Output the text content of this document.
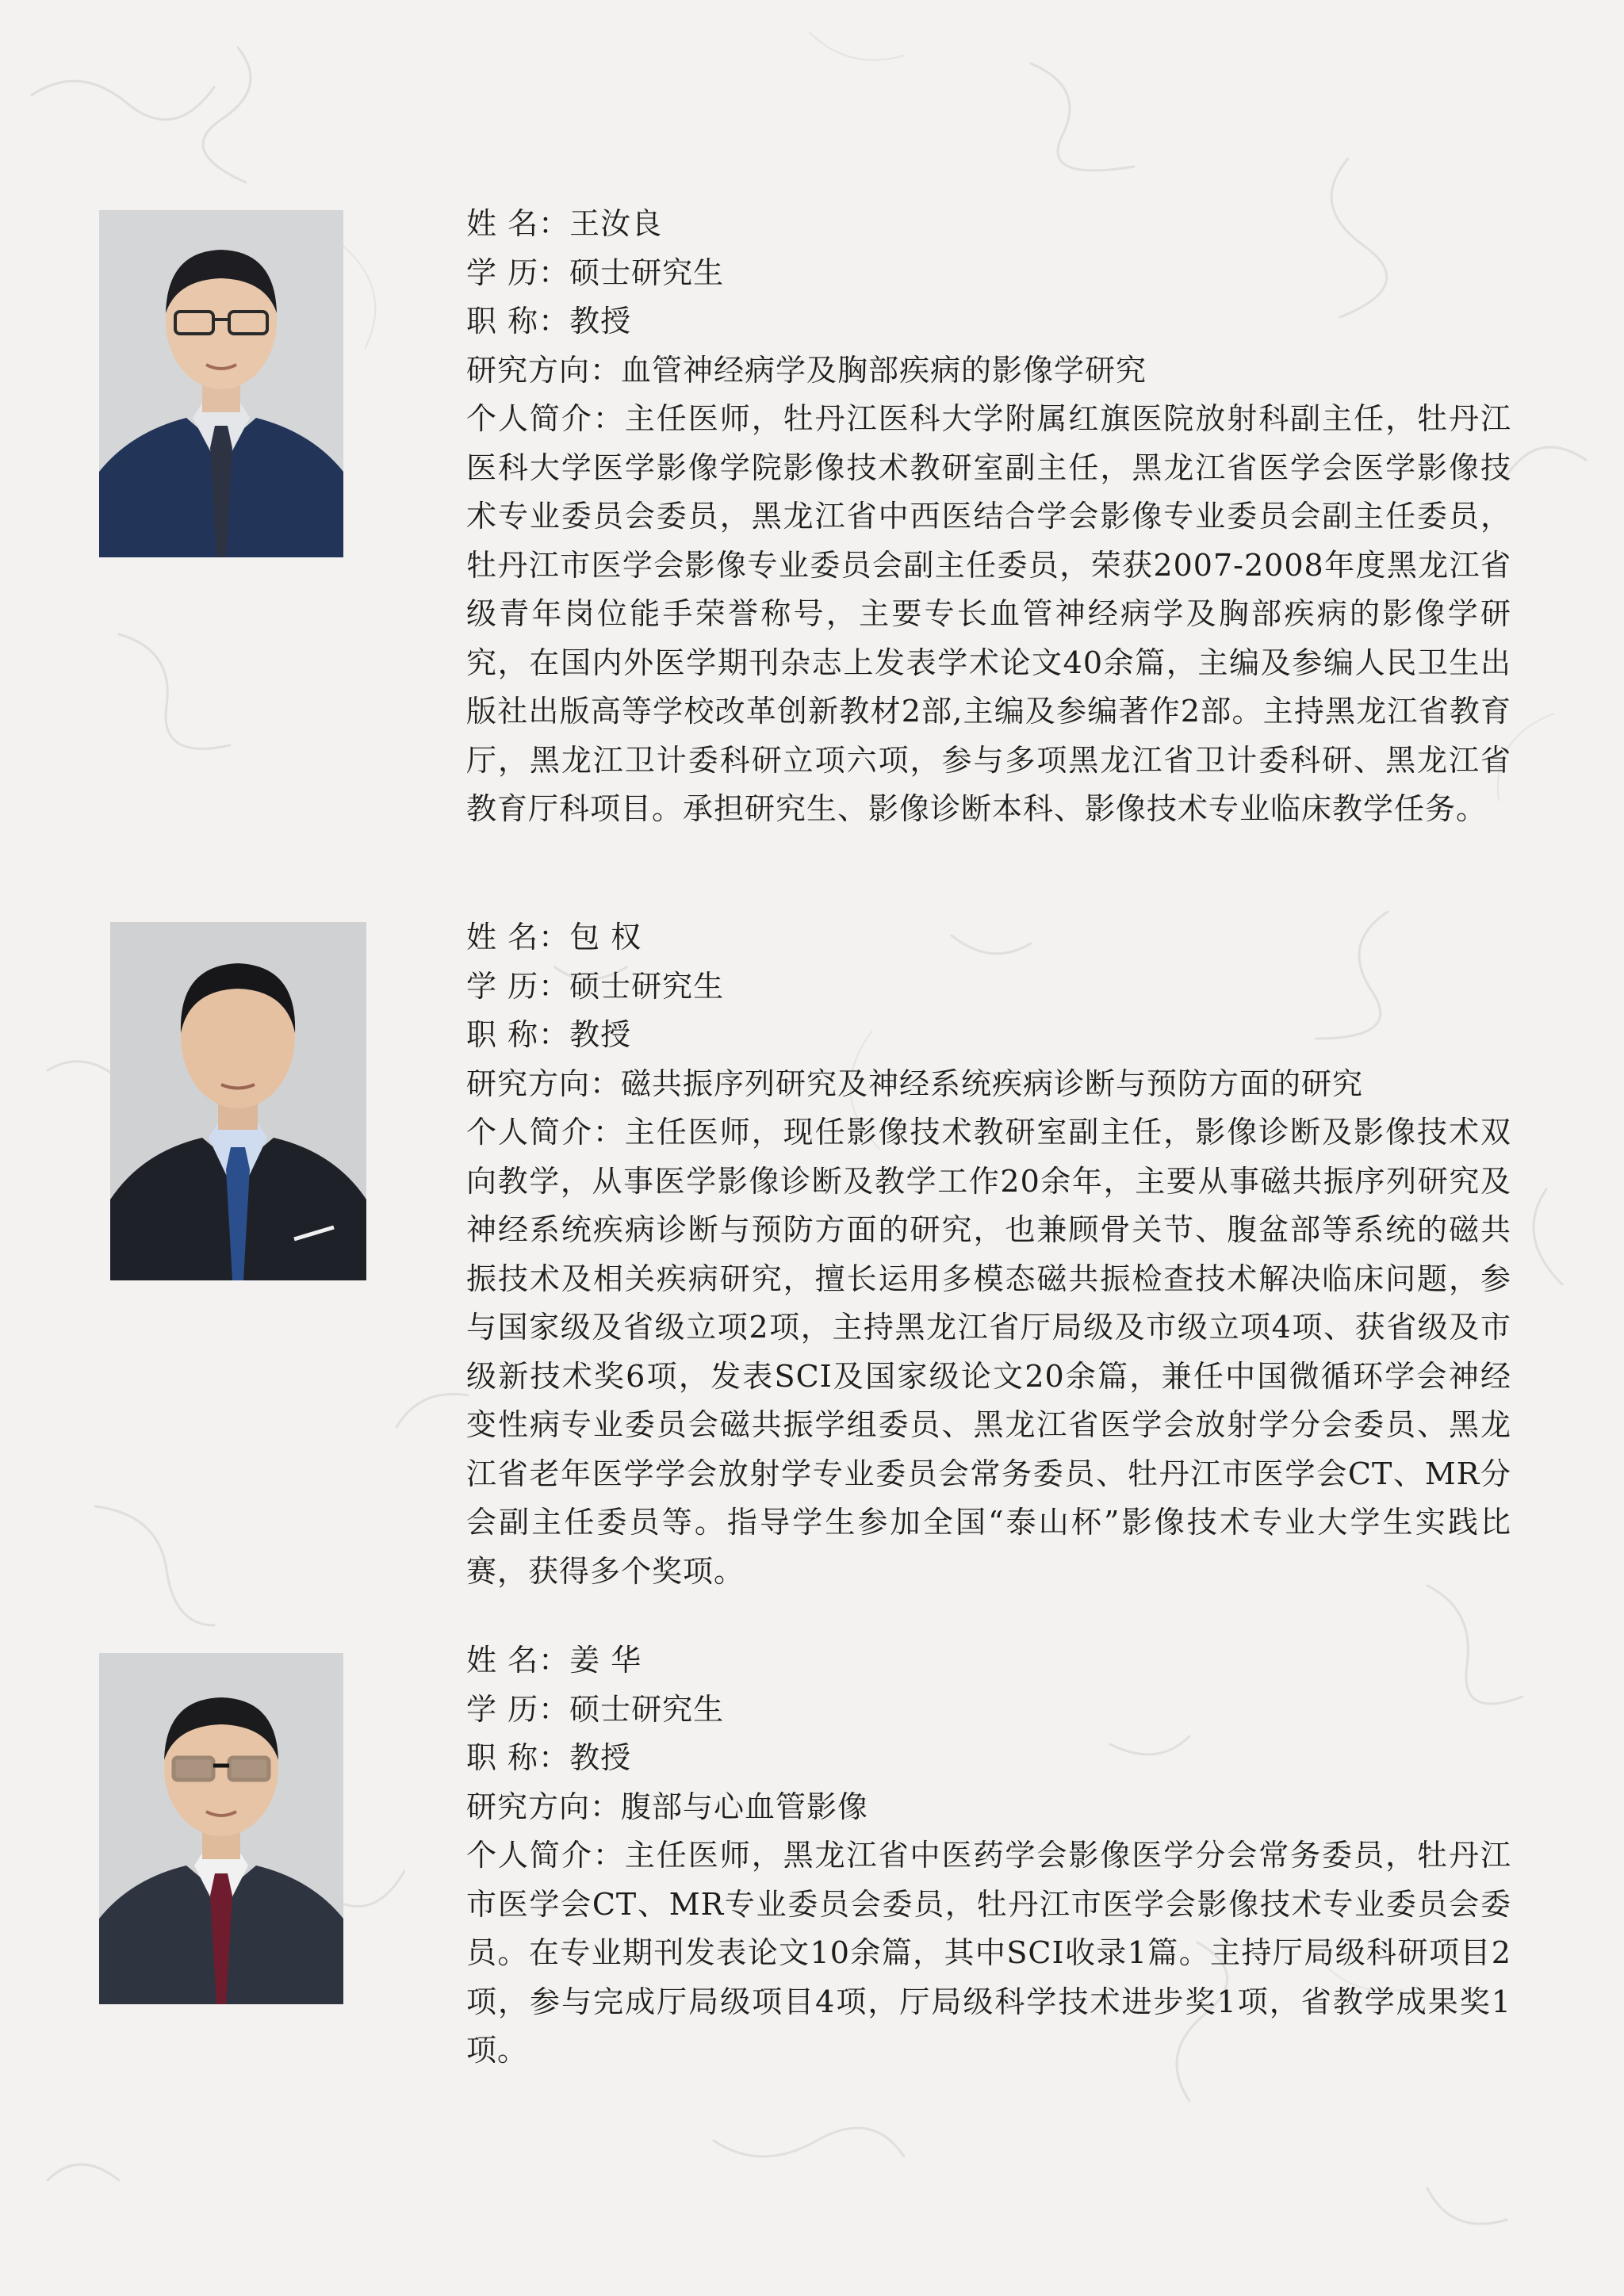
姓 名：王汝良

学 历：硕士研究生

职 称：教授

研究方向：血管神经病学及胸部疾病的影像学研究

个人简介：主任医师，牡丹江医科大学附属红旗医院放射科副主任，牡丹江医科大学医学影像学院影像技术教研室副主任，黑龙江省医学会医学影像技术专业委员会委员，黑龙江省中西医结合学会影像专业委员会副主任委员，牡丹江市医学会影像专业委员会副主任委员，荣获2007-2008年度黑龙江省级青年岗位能手荣誉称号，主要专长血管神经病学及胸部疾病的影像学研究，在国内外医学期刊杂志上发表学术论文40余篇，主编及参编人民卫生出版社出版高等学校改革创新教材2部,主编及参编著作2部。主持黑龙江省教育厅，黑龙江卫计委科研立项六项，参与多项黑龙江省卫计委科研、黑龙江省教育厅科项目。承担研究生、影像诊断本科、影像技术专业临床教学任务。

姓 名：包 权

学 历：硕士研究生

职 称：教授

研究方向：磁共振序列研究及神经系统疾病诊断与预防方面的研究

个人简介：主任医师，现任影像技术教研室副主任，影像诊断及影像技术双向教学，从事医学影像诊断及教学工作20余年，主要从事磁共振序列研究及神经系统疾病诊断与预防方面的研究，也兼顾骨关节、腹盆部等系统的磁共振技术及相关疾病研究，擅长运用多模态磁共振检查技术解决临床问题，参与国家级及省级立项2项，主持黑龙江省厅局级及市级立项4项、获省级及市级新技术奖6项，发表SCI及国家级论文20余篇，兼任中国微循环学会神经变性病专业委员会磁共振学组委员、黑龙江省医学会放射学分会委员、黑龙江省老年医学学会放射学专业委员会常务委员、牡丹江市医学会CT、MR分会副主任委员等。指导学生参加全国“泰山杯”影像技术专业大学生实践比赛，获得多个奖项。

姓 名：姜 华

学 历：硕士研究生

职 称：教授

研究方向：腹部与心血管影像

个人简介：主任医师，黑龙江省中医药学会影像医学分会常务委员，牡丹江市医学会CT、MR专业委员会委员，牡丹江市医学会影像技术专业委员会委员。在专业期刊发表论文10余篇，其中SCI收录1篇。主持厅局级科研项目2项，参与完成厅局级项目4项，厅局级科学技术进步奖1项，省教学成果奖1项。
